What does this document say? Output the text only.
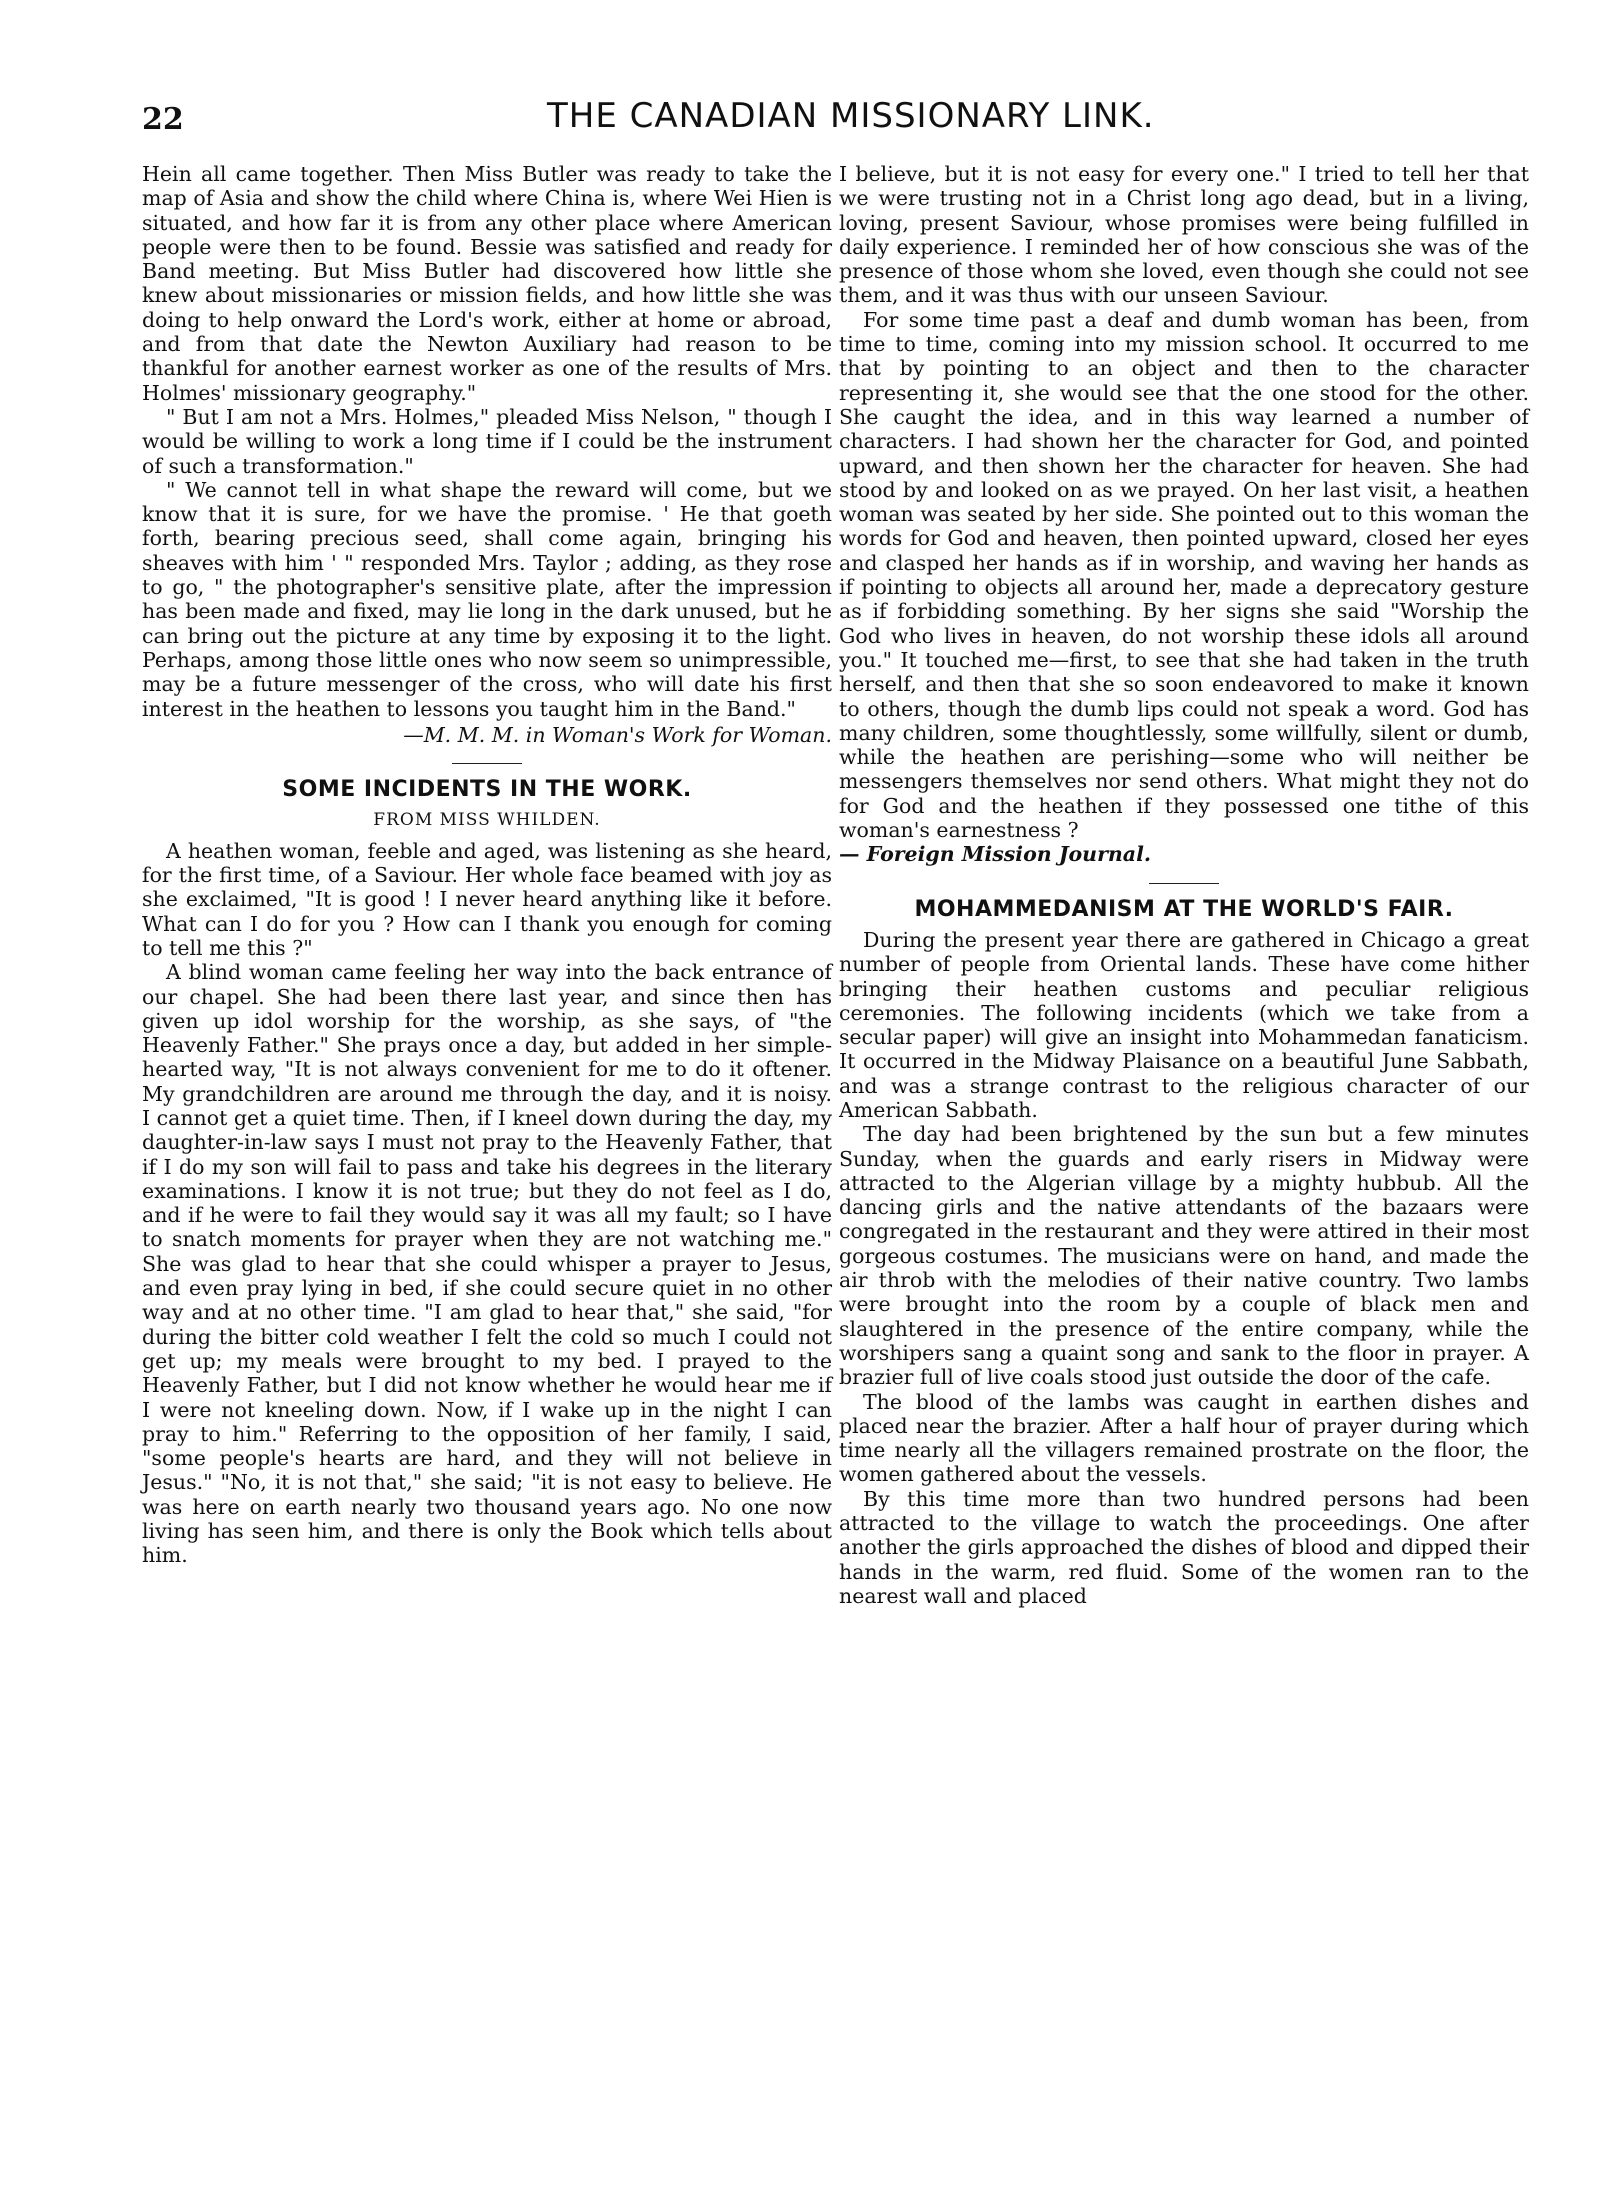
22	THE CANADIAN MISSIONARY LINK.

Hein all came together. Then Miss Butler was ready to take the map of Asia and show the child where China is, where Wei Hien is situated, and how far it is from any other place where American people were then to be found. Bessie was satisfied and ready for Band meeting. But Miss Butler had discovered how little she knew about missionaries or mission fields, and how little she was doing to help onward the Lord's work, either at home or abroad, and from that date the Newton Auxiliary had reason to be thankful for another earnest worker as one of the results of Mrs. Holmes' missionary geography."

" But I am not a Mrs. Holmes," pleaded Miss Nelson, " though I would be willing to work a long time if I could be the instrument of such a transformation."

" We cannot tell in what shape the reward will come, but we know that it is sure, for we have the promise. ' He that goeth forth, bearing precious seed, shall come again, bringing his sheaves with him ' " responded Mrs. Taylor ; adding, as they rose to go, " the photographer's sensitive plate, after the impression has been made and fixed, may lie long in the dark unused, but he can bring out the picture at any time by exposing it to the light. Perhaps, among those little ones who now seem so unimpressible, may be a future messenger of the cross, who will date his first interest in the heathen to lessons you taught him in the Band."

—M. M. M. in Woman's Work for Woman.
SOME INCIDENTS IN THE WORK.
FROM MISS WHILDEN.

A heathen woman, feeble and aged, was listening as she heard, for the first time, of a Saviour. Her whole face beamed with joy as she exclaimed, "It is good ! I never heard anything like it before. What can I do for you ? How can I thank you enough for coming to tell me this ?"

A blind woman came feeling her way into the back entrance of our chapel. She had been there last year, and since then has given up idol worship for the worship, as she says, of "the Heavenly Father." She prays once a day, but added in her simple-hearted way, "It is not always convenient for me to do it oftener. My grandchildren are around me through the day, and it is noisy. I cannot get a quiet time. Then, if I kneel down during the day, my daughter-in-law says I must not pray to the Heavenly Father, that if I do my son will fail to pass and take his degrees in the literary examinations. I know it is not true; but they do not feel as I do, and if he were to fail they would say it was all my fault; so I have to snatch moments for prayer when they are not watching me." She was glad to hear that she could whisper a prayer to Jesus, and even pray lying in bed, if she could secure quiet in no other way and at no other time. "I am glad to hear that," she said, "for during the bitter cold weather I felt the cold so much I could not get up; my meals were brought to my bed. I prayed to the Heavenly Father, but I did not know whether he would hear me if I were not kneeling down. Now, if I wake up in the night I can pray to him." Referring to the opposition of her family, I said, "some people's hearts are hard, and they will not believe in Jesus." "No, it is not that," she said; "it is not easy to believe. He was here on earth nearly two thousand years ago. No one now living has seen him, and there is only the Book which tells about him.

I believe, but it is not easy for every one." I tried to tell her that we were trusting not in a Christ long ago dead, but in a living, loving, present Saviour, whose promises were being fulfilled in daily experience. I reminded her of how conscious she was of the presence of those whom she loved, even though she could not see them, and it was thus with our unseen Saviour.

For some time past a deaf and dumb woman has been, from time to time, coming into my mission school. It occurred to me that by pointing to an object and then to the character representing it, she would see that the one stood for the other. She caught the idea, and in this way learned a number of characters. I had shown her the character for God, and pointed upward, and then shown her the character for heaven. She had stood by and looked on as we prayed. On her last visit, a heathen woman was seated by her side. She pointed out to this woman the words for God and heaven, then pointed upward, closed her eyes and clasped her hands as if in worship, and waving her hands as if pointing to objects all around her, made a deprecatory gesture as if forbidding something. By her signs she said "Worship the God who lives in heaven, do not worship these idols all around you." It touched me—first, to see that she had taken in the truth herself, and then that she so soon endeavored to make it known to others, though the dumb lips could not speak a word. God has many children, some thoughtlessly, some willfully, silent or dumb, while the heathen are perishing—some who will neither be messengers themselves nor send others. What might they not do for God and the heathen if they possessed one tithe of this woman's earnestness ?

— Foreign Mission Journal.

MOHAMMEDANISM AT THE WORLD'S FAIR.

During the present year there are gathered in Chicago a great number of people from Oriental lands. These have come hither bringing their heathen customs and peculiar religious ceremonies. The following incidents (which we take from a secular paper) will give an insight into Mohammedan fanaticism. It occurred in the Midway Plaisance on a beautiful June Sabbath, and was a strange contrast to the religious character of our American Sabbath.

The day had been brightened by the sun but a few minutes Sunday, when the guards and early risers in Midway were attracted to the Algerian village by a mighty hubbub. All the dancing girls and the native attendants of the bazaars were congregated in the restaurant and they were attired in their most gorgeous costumes. The musicians were on hand, and made the air throb with the melodies of their native country. Two lambs were brought into the room by a couple of black men and slaughtered in the presence of the entire company, while the worshipers sang a quaint song and sank to the floor in prayer. A brazier full of live coals stood just outside the door of the cafe.

The blood of the lambs was caught in earthen dishes and placed near the brazier. After a half hour of prayer during which time nearly all the villagers remained prostrate on the floor, the women gathered about the vessels.

By this time more than two hundred persons had been attracted to the village to watch the proceedings. One after another the girls approached the dishes of blood and dipped their hands in the warm, red fluid. Some of the women ran to the nearest wall and placed
